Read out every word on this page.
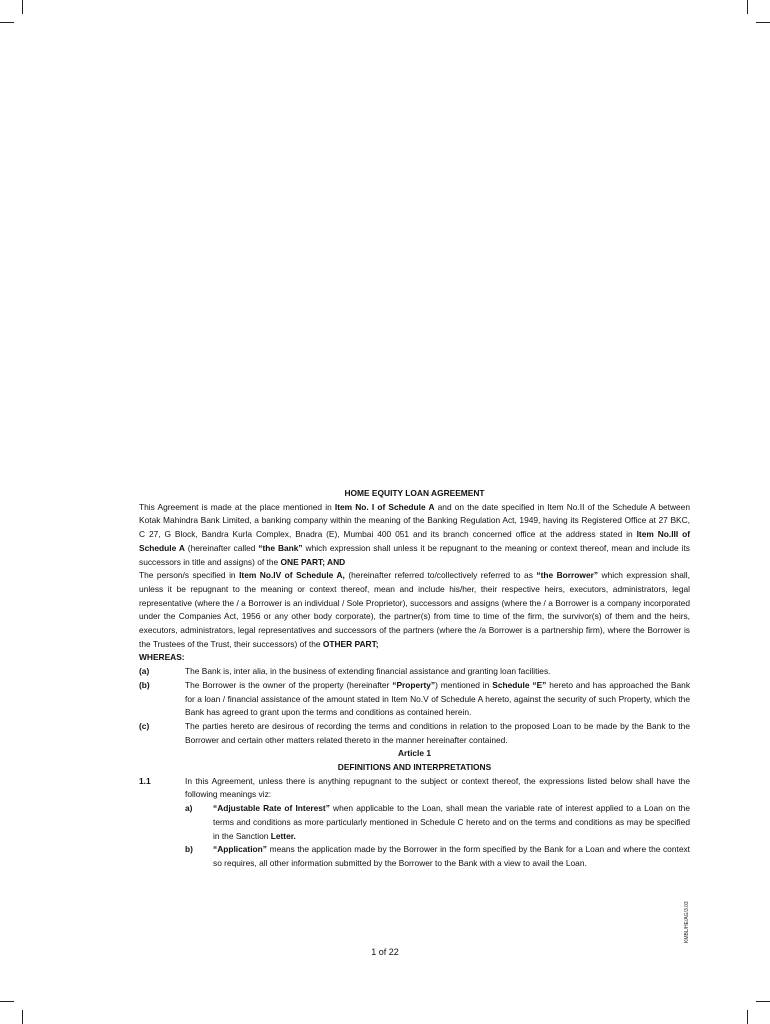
HOME EQUITY LOAN AGREEMENT

This Agreement is made at the place mentioned in Item No. I of Schedule A and on the date specified in Item No.II of the Schedule A between Kotak Mahindra Bank Limited, a banking company within the meaning of the Banking Regulation Act, 1949, having its Registered Office at 27 BKC, C 27, G Block, Bandra Kurla Complex, Bnadra (E), Mumbai 400 051 and its branch concerned office at the address stated in Item No.III of Schedule A (hereinafter called “the Bank” which expression shall unless it be repugnant to the meaning or context thereof, mean and include its successors in title and assigns) of the ONE PART; AND

The person/s specified in Item No.IV of Schedule A, (hereinafter referred to/collectively referred to as “the Borrower” which expression shall, unless it be repugnant to the meaning or context thereof, mean and include his/her, their respective heirs, executors, administrators, legal representative (where the / a Borrower is an individual / Sole Proprietor), successors and assigns (where the / a Borrower is a company incorporated under the Companies Act, 1956 or any other body corporate), the partner(s) from time to time of the firm, the survivor(s) of them and the heirs, executors, administrators, legal representatives and successors of the partners (where the /a Borrower is a partnership firm), where the Borrower is the Trustees of the Trust, their successors) of the OTHER PART;

WHEREAS:

(a)	The Bank is, inter alia, in the business of extending financial assistance and granting loan facilities.
(b)	The Borrower is the owner of the property (hereinafter “Property”) mentioned in Schedule “E” hereto and has approached the Bank for a loan / financial assistance of the amount stated in Item No.V of Schedule A hereto, against the security of such Property, which the Bank has agreed to grant upon the terms and conditions as contained herein.
(c)	The parties hereto are desirous of recording the terms and conditions in relation to the proposed Loan to be made by the Bank to the Borrower and certain other matters related thereto in the manner hereinafter contained.
Article 1
DEFINITIONS AND INTERPRETATIONS
1.1	In this Agreement, unless there is anything repugnant to the subject or context thereof, the expressions listed below shall have the following meanings viz:
a)	“Adjustable Rate of Interest” when applicable to the Loan, shall mean the variable rate of interest applied to a Loan on the terms and conditions as more particularly mentioned in Schedule C hereto and on the terms and conditions as may be specified in the Sanction Letter.
b)	“Application” means the application made by the Borrower in the form specified by the Bank for a Loan and where the context so requires, all other information submitted by the Borrower to the Bank with a view to avail the Loan.
KMBL/HE/AG/3.03
1 of 22
